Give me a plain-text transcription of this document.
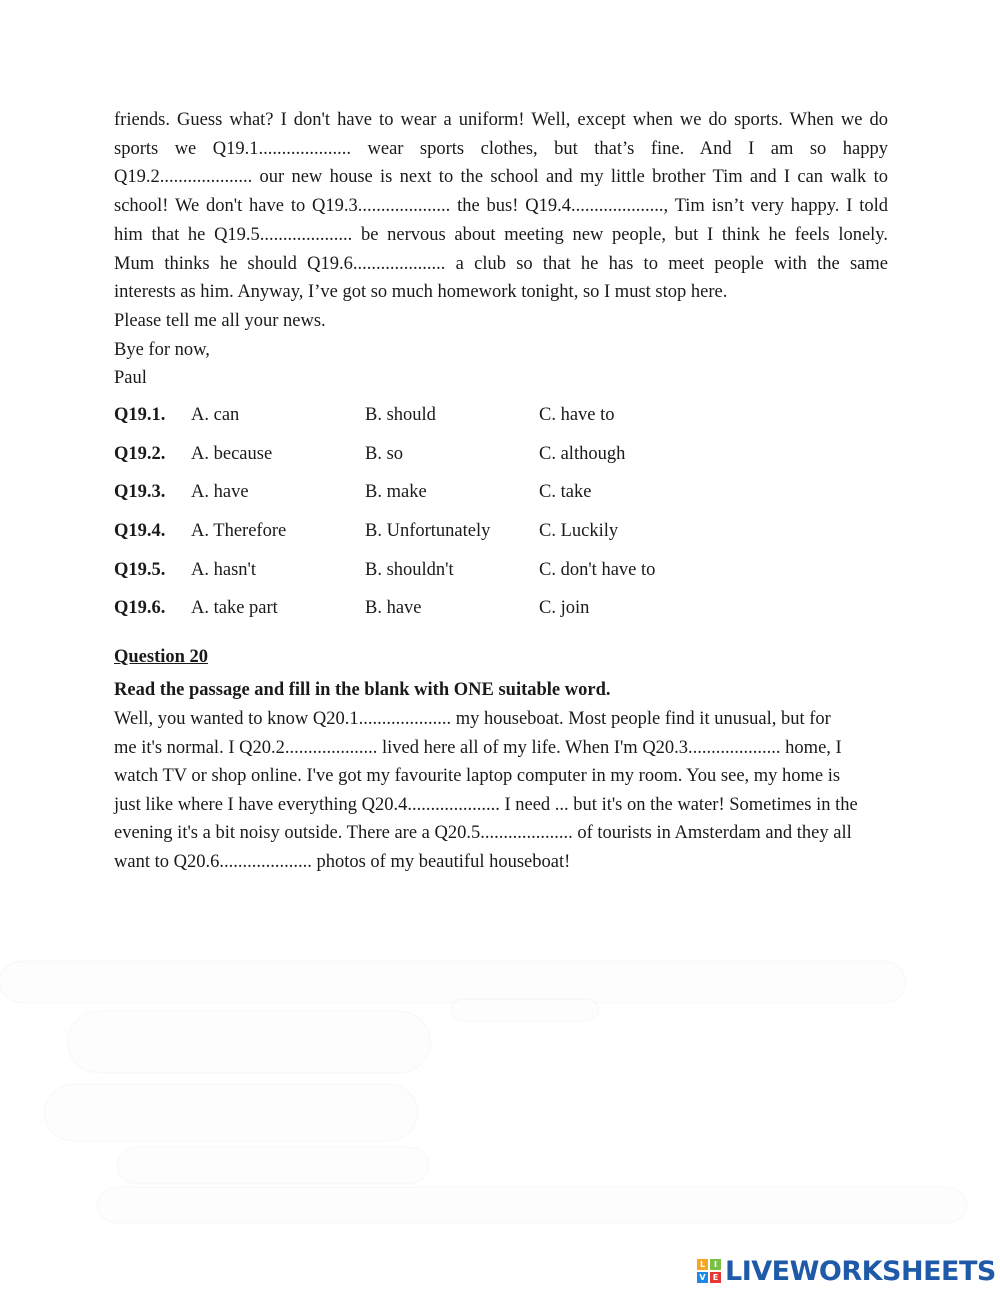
friends. Guess what? I don't have to wear a uniform! Well, except when we do sports. When we do
sports we Q19.1.................... wear sports clothes, but that’s fine. And I am so happy
Q19.2.................... our new house is next to the school and my little brother Tim and I can walk to
school! We don't have to Q19.3.................... the bus! Q19.4...................., Tim isn’t very happy. I told
him that he Q19.5.................... be nervous about meeting new people, but I think he feels lonely.
Mum thinks he should Q19.6.................... a club so that he has to meet people with the same
interests as him. Anyway, I’ve got so much homework tonight, so I must stop here.
Please tell me all your news.
Bye for now,
Paul
Q19.1. A. can	B. should	C. have to
Q19.2. A. because	B. so	C. although
Q19.3. A. have	B. make	C. take
Q19.4. A. Therefore	B. Unfortunately	C. Luckily
Q19.5. A. hasn't	B. shouldn't	C. don't have to
Q19.6. A. take part	B. have	C. join
Question 20
Read the passage and fill in the blank with ONE suitable word.
Well, you wanted to know Q20.1.................... my houseboat. Most people find it unusual, but for
me it's normal. I Q20.2.................... lived here all of my life. When I'm Q20.3.................... home, I
watch TV or shop online. I've got my favourite laptop computer in my room. You see, my home is
just like where I have everything Q20.4.................... I need ... but it's on the water! Sometimes in the
evening it's a bit noisy outside. There are a Q20.5.................... of tourists in Amsterdam and they all
want to Q20.6.................... photos of my beautiful houseboat!
L	I
V E LIVEWORKSHEETS
